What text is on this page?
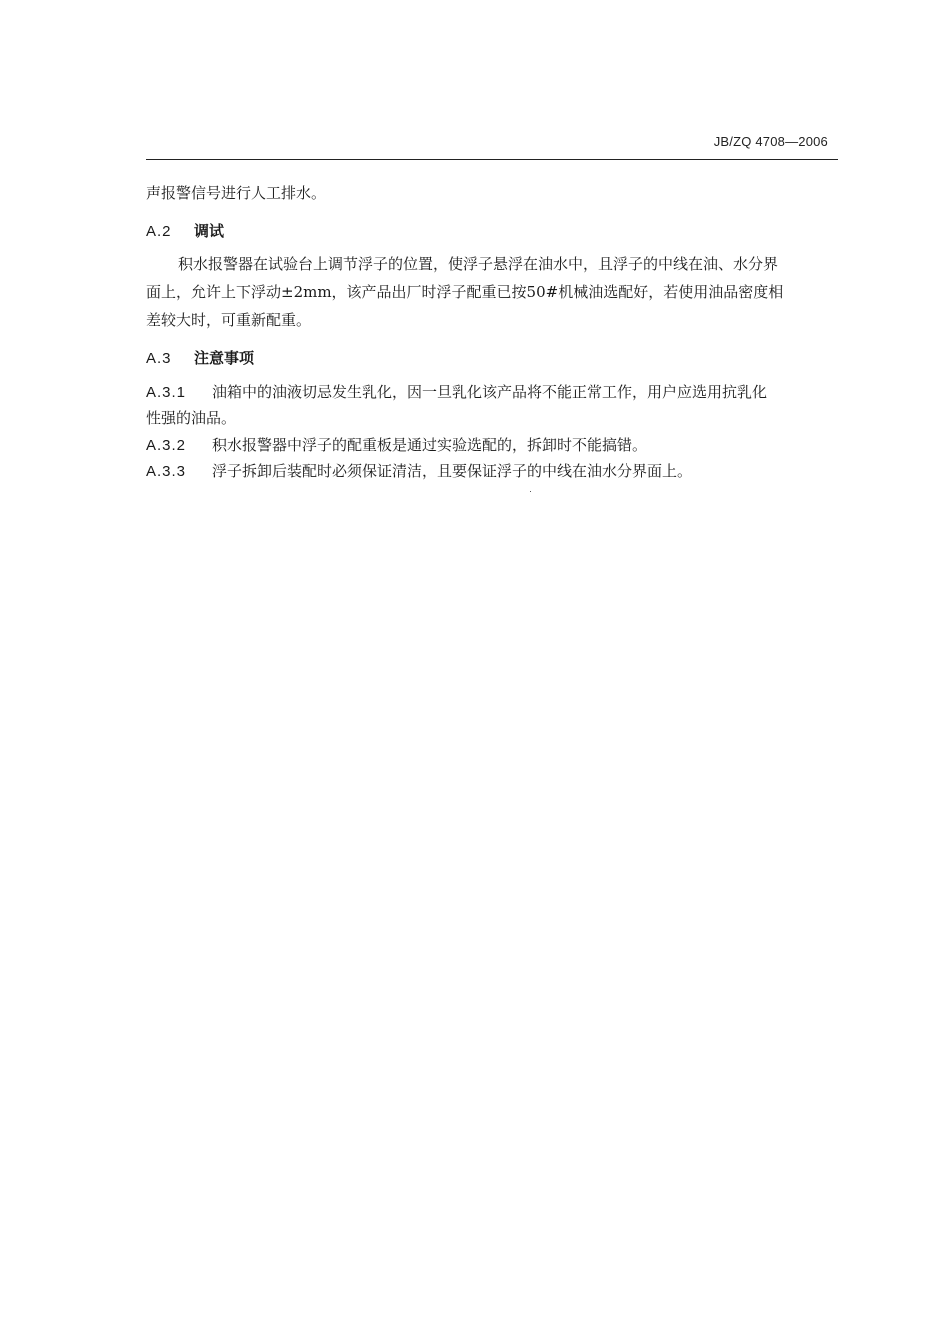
JB/ZQ 4708—2006
声报警信号进行人工排水。
A.2 调试
积水报警器在试验台上调节浮子的位置，使浮子悬浮在油水中，且浮子的中线在油、水分界
面上，允许上下浮动±2mm，该产品出厂时浮子配重已按50#机械油选配好，若使用油品密度相
差较大时，可重新配重。
A.3 注意事项
A.3.1 油箱中的油液切忌发生乳化，因一旦乳化该产品将不能正常工作，用户应选用抗乳化
性强的油品。
A.3.2 积水报警器中浮子的配重板是通过实验选配的，拆卸时不能搞错。
A.3.3 浮子拆卸后装配时必须保证清洁，且要保证浮子的中线在油水分界面上。
